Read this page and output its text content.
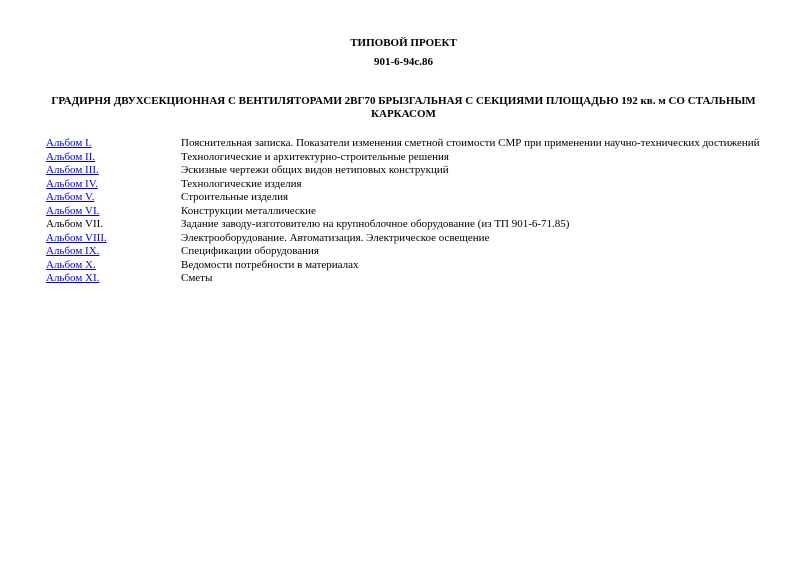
ТИПОВОЙ ПРОЕКТ
901-6-94с.86
ГРАДИРНЯ ДВУХСЕКЦИОННАЯ С ВЕНТИЛЯТОРАМИ 2ВГ70 БРЫЗГАЛЬНАЯ С СЕКЦИЯМИ ПЛОЩАДЬЮ 192 кв. м СО СТАЛЬНЫМ КАРКАСОМ
Альбом I.	Пояснительная записка. Показатели изменения сметной стоимости СМР при применении научно-технических достижений
Альбом II.	Технологические и архитектурно-строительные решения
Альбом III.	Эскизные чертежи общих видов нетиповых конструкций
Альбом IV.	Технологические изделия
Альбом V.	Строительные изделия
Альбом VI.	Конструкции металлические
Альбом VII.	Задание заводу-изготовителю на крупноблочное оборудование (из ТП 901-6-71.85)
Альбом VIII.	Электрооборудование. Автоматизация. Электрическое освещение
Альбом IX.	Спецификации оборудования
Альбом X.	Ведомости потребности в материалах
Альбом XI.	Сметы
